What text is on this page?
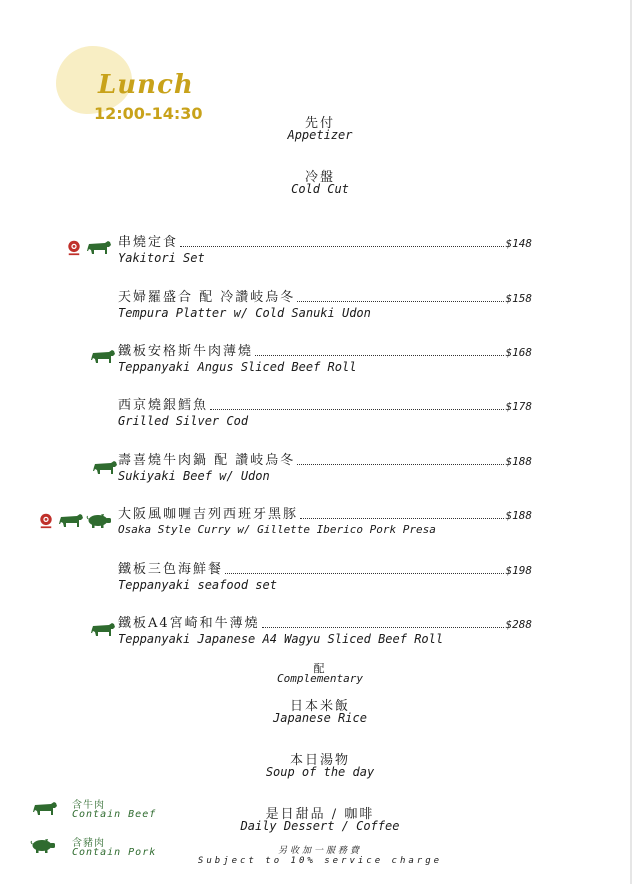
Lunch
12:00-14:30
先付
Appetizer
冷盤
Cold Cut
串燒定食	$148
Yakitori Set
天婦羅盛合 配 冷讚岐烏冬	$158
Tempura Platter w/ Cold Sanuki Udon
鐵板安格斯牛肉薄燒	$168
Teppanyaki Angus Sliced Beef Roll
西京燒銀鱈魚	$178
Grilled Silver Cod
壽喜燒牛肉鍋 配 讚岐烏冬	$188
Sukiyaki Beef w/ Udon
大阪風咖喱吉列西班牙黑豚	$188
Osaka Style Curry w/ Gillette Iberico Pork Presa
鐵板三色海鮮餐	$198
Teppanyaki seafood set
鐵板A4宮崎和牛薄燒	$288
Teppanyaki Japanese A4 Wagyu Sliced Beef Roll
配
Complementary
日本米飯
Japanese Rice
本日湯物
Soup of the day
是日甜品 / 咖啡
Daily Dessert / Coffee
另收加一服務費
Subject to 10% service charge
含牛肉
Contain Beef
含豬肉
Contain Pork
